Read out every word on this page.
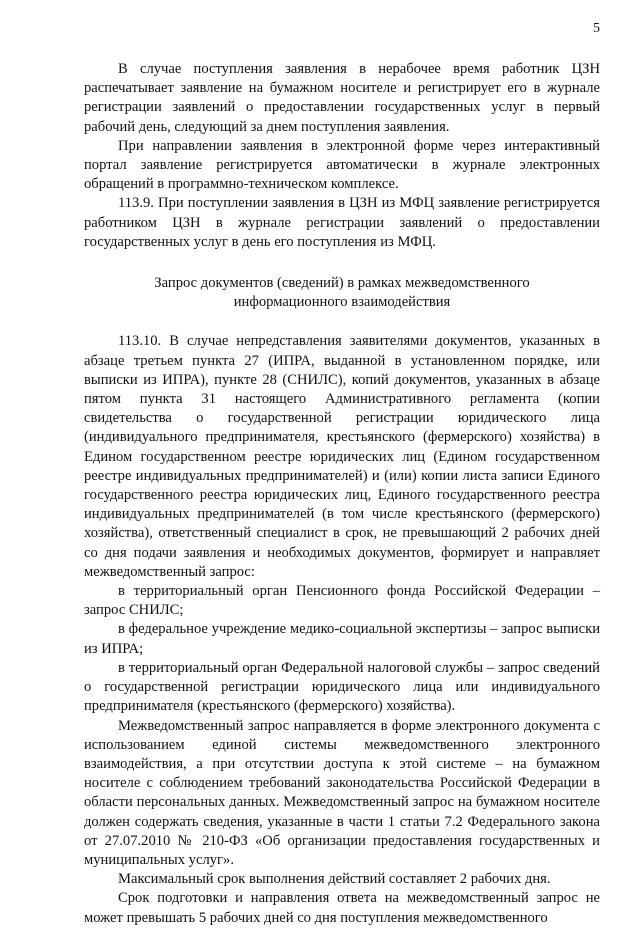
5

В случае поступления заявления в нерабочее время работник ЦЗН распечатывает заявление на бумажном носителе и регистрирует его в журнале регистрации заявлений о предоставлении государственных услуг в первый рабочий день, следующий за днем поступления заявления.

При направлении заявления в электронной форме через интерактивный портал заявление регистрируется автоматически в журнале электронных обращений в программно-техническом комплексе.

113.9. При поступлении заявления в ЦЗН из МФЦ заявление регистрируется работником ЦЗН в журнале регистрации заявлений о предоставлении государственных услуг в день его поступления из МФЦ.

Запрос документов (сведений) в рамках межведомственного
информационного взаимодействия

113.10. В случае непредставления заявителями документов, указанных в абзаце третьем пункта 27 (ИПРА, выданной в установленном порядке, или выписки из ИПРА), пункте 28 (СНИЛС), копий документов, указанных в абзаце пятом пункта 31 настоящего Административного регламента (копии свидетельства о государственной регистрации юридического лица (индивидуального предпринимателя, крестьянского (фермерского) хозяйства) в Едином государственном реестре юридических лиц (Едином государственном реестре индивидуальных предпринимателей) и (или) копии листа записи Единого государственного реестра юридических лиц, Единого государственного реестра индивидуальных предпринимателей (в том числе крестьянского (фермерского) хозяйства), ответственный специалист в срок, не превышающий 2 рабочих дней со дня подачи заявления и необходимых документов, формирует и направляет межведомственный запрос:

в территориальный орган Пенсионного фонда Российской Федерации – запрос СНИЛС;

в федеральное учреждение медико-социальной экспертизы – запрос выписки из ИПРА;

в территориальный орган Федеральной налоговой службы – запрос сведений о государственной регистрации юридического лица или индивидуального предпринимателя (крестьянского (фермерского) хозяйства).

Межведомственный запрос направляется в форме электронного документа с использованием единой системы межведомственного электронного взаимодействия, а при отсутствии доступа к этой системе – на бумажном носителе с соблюдением требований законодательства Российской Федерации в области персональных данных. Межведомственный запрос на бумажном носителе должен содержать сведения, указанные в части 1 статьи 7.2 Федерального закона от 27.07.2010 № 210-ФЗ «Об организации предоставления государственных и муниципальных услуг».

Максимальный срок выполнения действий составляет 2 рабочих дня.

Срок подготовки и направления ответа на межведомственный запрос не может превышать 5 рабочих дней со дня поступления межведомственного
